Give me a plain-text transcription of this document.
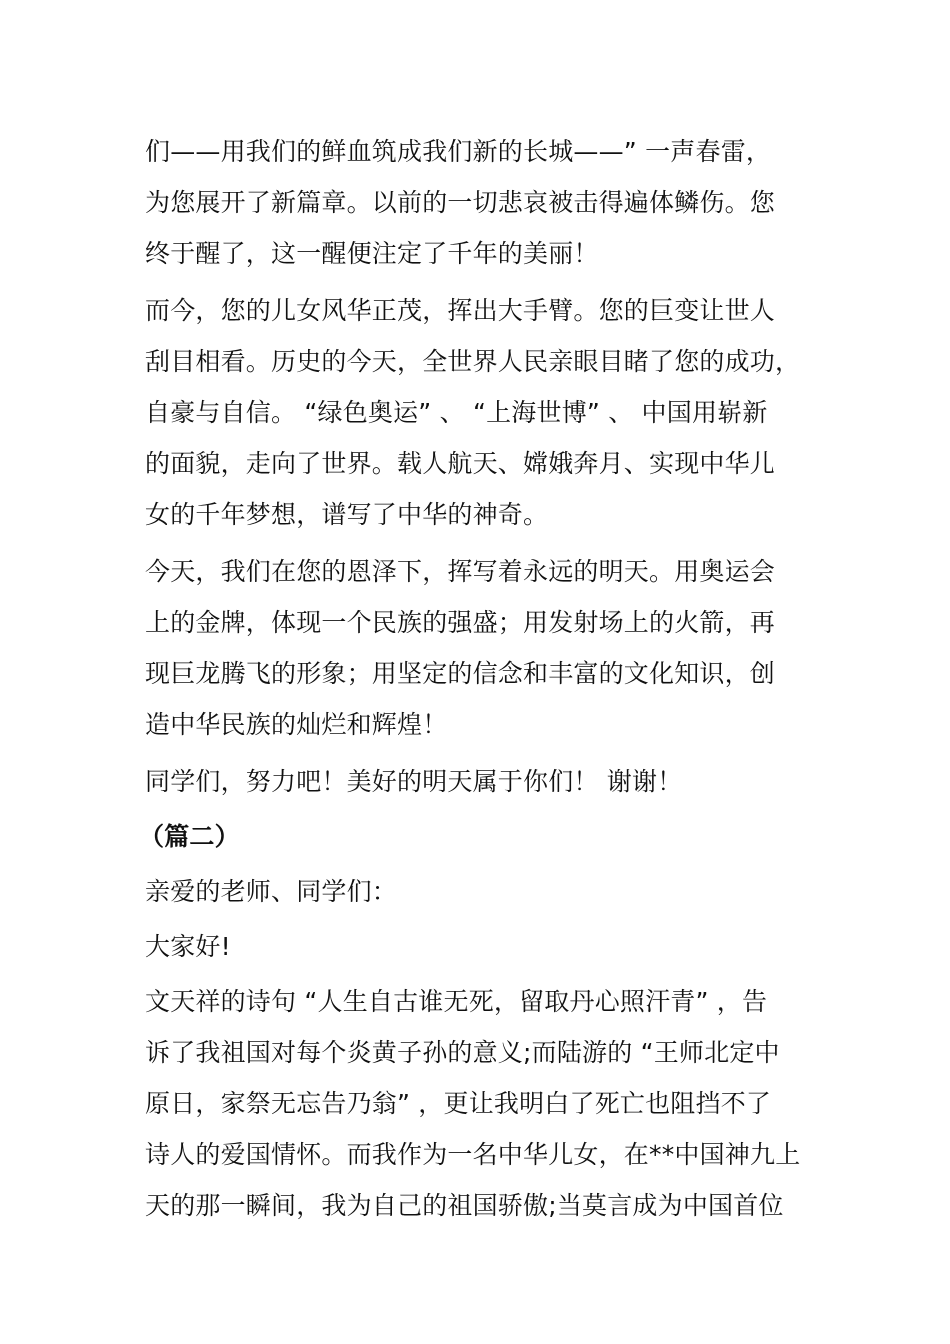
们——用我们的鲜血筑成我们新的长城——” 一声春雷，
为您展开了新篇章。以前的一切悲哀被击得遍体鳞伤。您
终于醒了，这一醒便注定了千年的美丽！
而今，您的儿女风华正茂，挥出大手臂。您的巨变让世人
刮目相看。历史的今天，全世界人民亲眼目睹了您的成功，
自豪与自信。 “绿色奥运” 、 “上海世博” 、 中国用崭新
的面貌，走向了世界。载人航天、嫦娥奔月、实现中华儿
女的千年梦想，谱写了中华的神奇。
今天，我们在您的恩泽下，挥写着永远的明天。用奥运会
上的金牌，体现一个民族的强盛；用发射场上的火箭，再
现巨龙腾飞的形象；用坚定的信念和丰富的文化知识，创
造中华民族的灿烂和辉煌！
同学们，努力吧！美好的明天属于你们！ 谢谢！
（篇二）
亲爱的老师、同学们：
大家好!
文天祥的诗句 “人生自古谁无死，留取丹心照汗青” ，告
诉了我祖国对每个炎黄子孙的意义;而陆游的 “王师北定中
原日，家祭无忘告乃翁” ，更让我明白了死亡也阻挡不了
诗人的爱国情怀。而我作为一名中华儿女，在**中国神九上
天的那一瞬间，我为自己的祖国骄傲;当莫言成为中国首位
